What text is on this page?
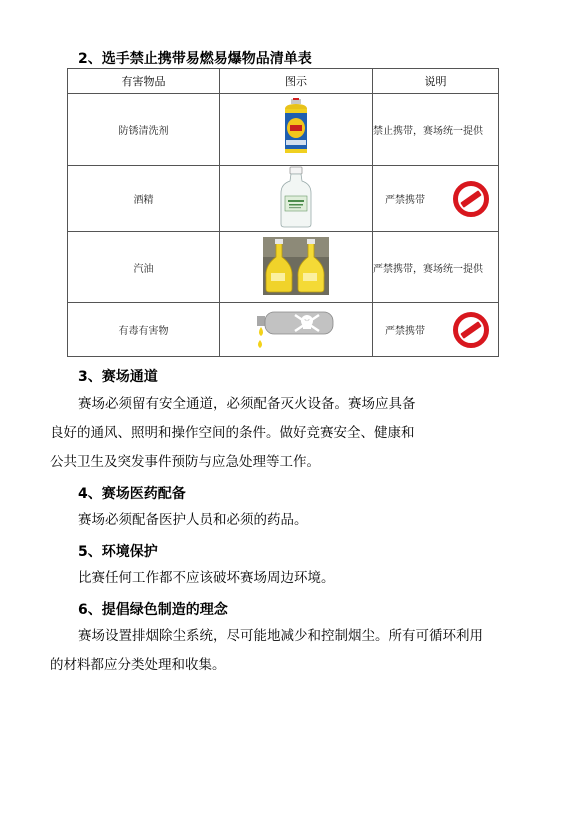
2、选手禁止携带易燃易爆物品清单表
有害物品	图示	说明
防锈清洗剂		禁止携带，赛场统一提供
酒精		严禁携带

汽油		严禁携带，赛场统一提供
有毒有害物		严禁携带
3、赛场通道
赛场必须留有安全通道，必须配备灭火设备。赛场应具备
良好的通风、照明和操作空间的条件。做好竞赛安全、健康和
公共卫生及突发事件预防与应急处理等工作。
4、赛场医药配备
赛场必须配备医护人员和必须的药品。
5、环境保护
比赛任何工作都不应该破坏赛场周边环境。
6、提倡绿色制造的理念
赛场设置排烟除尘系统，尽可能地减少和控制烟尘。所有可循环利用
的材料都应分类处理和收集。
